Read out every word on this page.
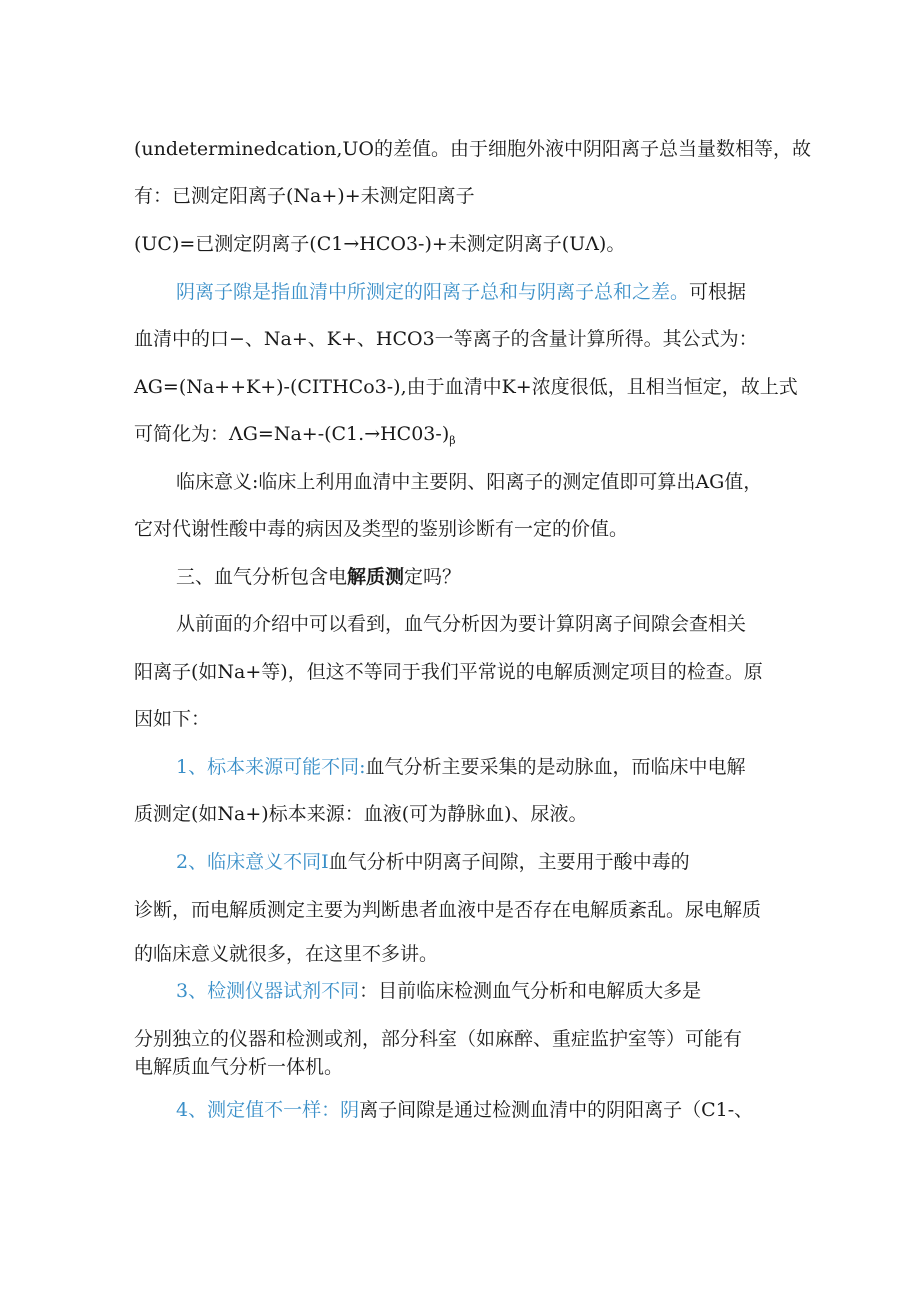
(undeterminedcation,UO的差值。由于细胞外液中阴阳离子总当量数相等，故
有：已测定阳离子(Na+)+未测定阳离子
(UC)=已测定阴离子(C1→HCO3-)+未测定阴离子(UΛ)。
阴离子隙是指血清中所测定的阳离子总和与阴离子总和之差。可根据
血清中的口−、Na+、K+、HCO3一等离子的含量计算所得。其公式为：
AG=(Na++K+)-(CITHCo3-),由于血清中K+浓度很低，且相当恒定，故上式
可简化为：$\Lambda G=Na+-(C1.\to HC03-)_\beta$
临床意义:临床上利用血清中主要阴、阳离子的测定值即可算出AG值，
它对代谢性酸中毒的病因及类型的鉴别诊断有一定的价值。
三、血气分析包含电解质测定吗？
从前面的介绍中可以看到，血气分析因为要计算阴离子间隙会查相关
阳离子(如Na+等)，但这不等同于我们平常说的电解质测定项目的检查。原
因如下：
1、标本来源可能不同:血气分析主要采集的是动脉血，而临床中电解
质测定(如Na+)标本来源：血液(可为静脉血)、尿液。
2、临床意义不同I血气分析中阴离子间隙，主要用于酸中毒的
诊断，而电解质测定主要为判断患者血液中是否存在电解质紊乱。尿电解质
的临床意义就很多，在这里不多讲。
3、检测仪器试剂不同：目前临床检测血气分析和电解质大多是
分别独立的仪器和检测或剂，部分科室（如麻醉、重症监护室等）可能有
电解质血气分析一体机。
4、测定值不一样：阴离子间隙是通过检测血清中的阴阳离子（C1-、
